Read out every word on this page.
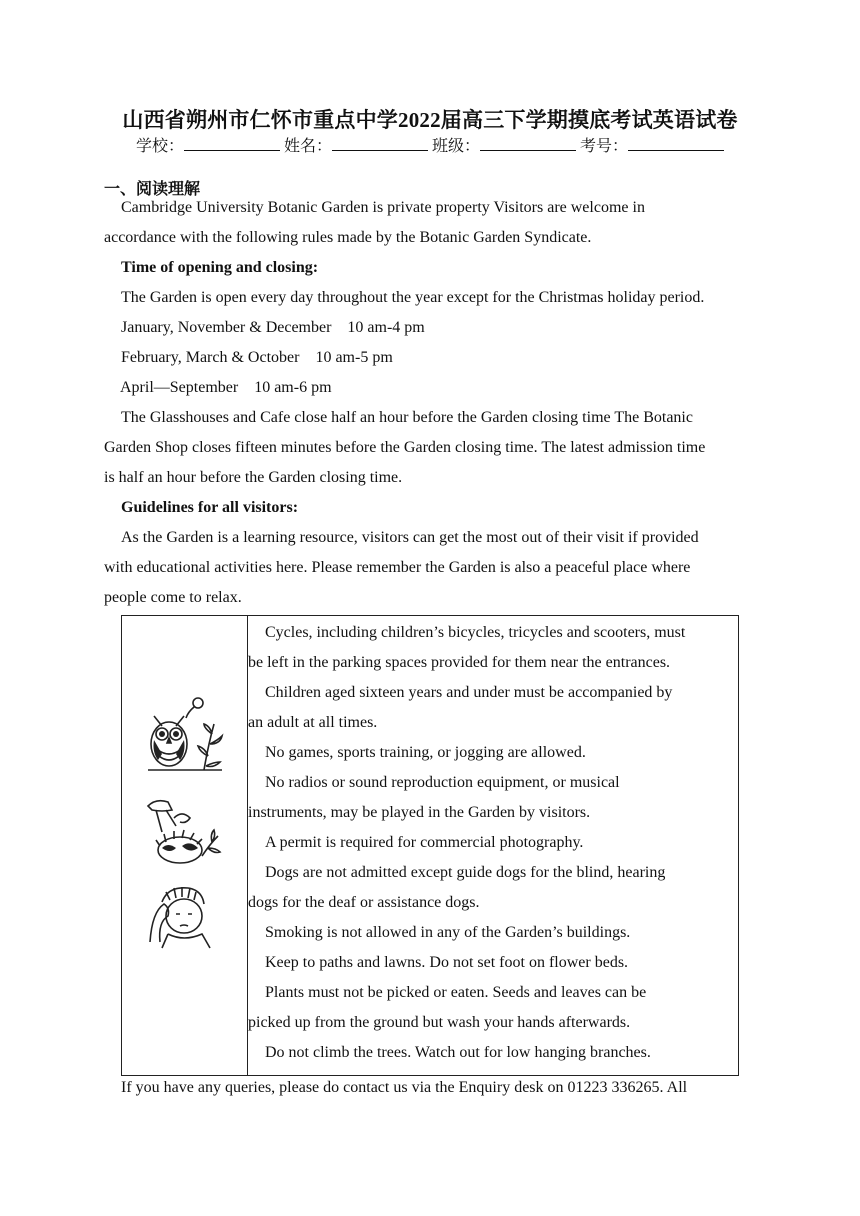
山西省朔州市仁怀市重点中学2022届高三下学期摸底考试英语试卷
学校：	姓名：	班级：	考号：
一、阅读理解
Cambridge University Botanic Garden is private property Visitors are welcome in
accordance with the following rules made by the Botanic Garden Syndicate.
Time of opening and closing:
The Garden is open every day throughout the year except for the Christmas holiday period.
January, November & December    10 am-4 pm
February, March & October    10 am-5 pm
April—September    10 am-6 pm
The Glasshouses and Cafe close half an hour before the Garden closing time The Botanic
Garden Shop closes fifteen minutes before the Garden closing time. The latest admission time
is half an hour before the Garden closing time.
Guidelines for all visitors:
As the Garden is a learning resource, visitors can get the most out of their visit if provided
with educational activities here. Please remember the Garden is also a peaceful place where
people come to relax.
Cycles, including children’s bicycles, tricycles and scooters, must
be left in the parking spaces provided for them near the entrances.
Children aged sixteen years and under must be accompanied by
an adult at all times.
No games, sports training, or jogging are allowed.
No radios or sound reproduction equipment, or musical
instruments, may be played in the Garden by visitors.
A permit is required for commercial photography.
Dogs are not admitted except guide dogs for the blind, hearing
dogs for the deaf or assistance dogs.
Smoking is not allowed in any of the Garden’s buildings.
Keep to paths and lawns. Do not set foot on flower beds.
Plants must not be picked or eaten. Seeds and leaves can be
picked up from the ground but wash your hands afterwards.
Do not climb the trees. Watch out for low hanging branches.
If you have any queries, please do contact us via the Enquiry desk on 01223 336265. All
